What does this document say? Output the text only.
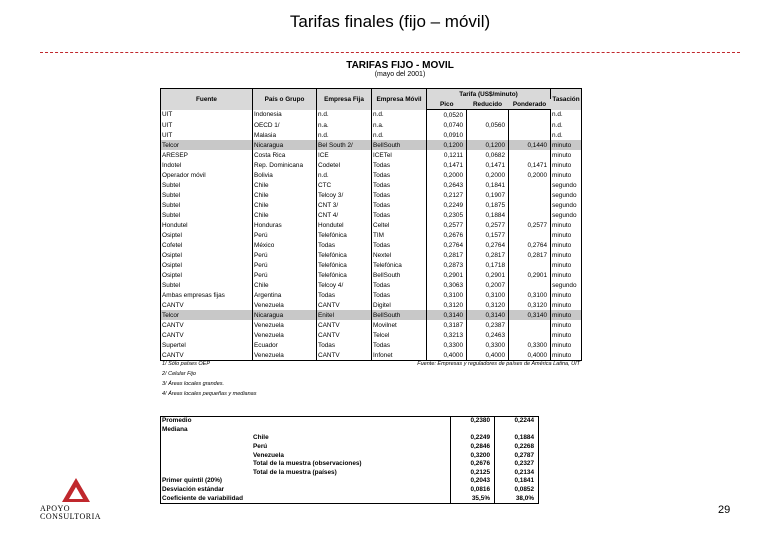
Tarifas finales (fijo – móvil)
TARIFAS FIJO - MOVIL
(mayo del 2001)
Fuente	País o Grupo	Empresa Fija	Empresa Móvil	Tarifa (US$/minuto)			Tasación
				Pico	Reducido	Ponderado	
UIT	Indonesia	n.d.	n.d.	0,0520			n.d.
UIT	OECD 1/	n.a.	n.a.	0,0740	0,0560		n.d.
UIT	Malasia	n.d.	n.d.	0,0910			n.d.
Telcor	Nicaragua	Bel South 2/	BellSouth	0,1200	0,1200	0,1440	minuto
ARESEP	Costa Rica	ICE	ICETel	0,1211	0,0682		minuto
Indotel	Rep. Dominicana	Codetel	Todas	0,1471	0,1471	0,1471	minuto
Operador móvil	Bolivia	n.d.	Todas	0,2000	0,2000	0,2000	minuto
Subtel	Chile	CTC	Todas	0,2643	0,1841		segundo
Subtel	Chile	Telcoy 3/	Todas	0,2127	0,1907		segundo
Subtel	Chile	CNT 3/	Todas	0,2249	0,1875		segundo
Subtel	Chile	CNT 4/	Todas	0,2305	0,1884		segundo
Hondutel	Honduras	Hondutel	Celtel	0,2577	0,2577	0,2577	minuto
Osiptel	Perú	Telefónica	TIM	0,2676	0,1577		minuto
Cofetel	México	Todas	Todas	0,2764	0,2764	0,2764	minuto
Osiptel	Perú	Telefónica	Nextel	0,2817	0,2817	0,2817	minuto
Osiptel	Perú	Telefónica	Telefónica	0,2873	0,1718		minuto
Osiptel	Perú	Telefónica	BellSouth	0,2901	0,2901	0,2901	minuto
Subtel	Chile	Telcoy 4/	Todas	0,3063	0,2007		segundo
Ambas empresas fijas	Argentina	Todas	Todas	0,3100	0,3100	0,3100	minuto
CANTV	Venezuela	CANTV	Digitel	0,3120	0,3120	0,3120	minuto
Telcor	Nicaragua	Enitel	BellSouth	0,3140	0,3140	0,3140	minuto
CANTV	Venezuela	CANTV	Movilnet	0,3187	0,2387		minuto
CANTV	Venezuela	CANTV	Telcel	0,3213	0,2463		minuto
Supertel	Ecuador	Todas	Todas	0,3300	0,3300	0,3300	minuto
CANTV	Venezuela	CANTV	Infonet	0,4000	0,4000	0,4000	minuto
1/ Sólo países OEP
2/ Celular Fijo
3/ Áreas locales grandes.
4/ Áreas locales pequeñas y medianas
Fuente: Empresas y reguladores de países de América Latina, UIT
Promedio	0,2380	0,2244
Mediana		
Chile	0,2249	0,1884
Perú	0,2846	0,2268
Venezuela	0,3200	0,2787
Total de la muestra (observaciones)	0,2676	0,2327
Total de la muestra (países)	0,2125	0,2134
Primer quintil (20%)	0,2043	0,1841
Desviación estándar	0,0816	0,0852
Coeficiente de variabilidad	35,5%	38,0%
APOYO
CONSULTORIA
29
